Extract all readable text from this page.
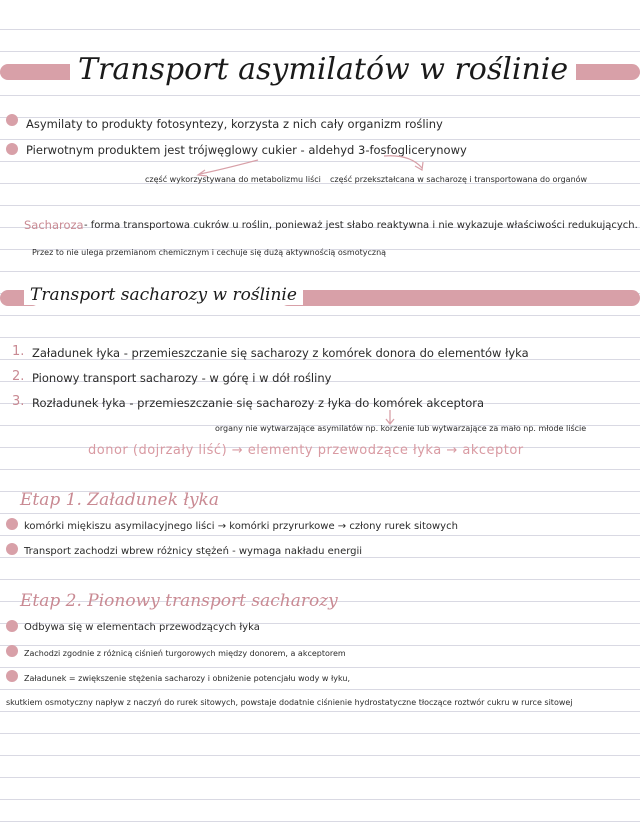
Transport asymilatów w roślinie
Asymilaty to produkty fotosyntezy, korzysta z nich cały organizm rośliny
Pierwotnym produktem jest trójwęglowy cukier - aldehyd 3-fosfoglicerynowy
część wykorzystywana do metabolizmu liści część przekształcana w sacharozę i transportowana do organów
Sacharoza - forma transportowa cukrów u roślin, ponieważ jest słabo reaktywna i nie wykazuje właściwości redukujących.
Przez to nie ulega przemianom chemicznym i cechuje się dużą aktywnością osmotyczną
Transport sacharozy w roślinie
1. Załadunek łyka - przemieszczanie się sacharozy z komórek donora do elementów łyka
2. Pionowy transport sacharozy - w górę i w dół rośliny
3. Rozładunek łyka - przemieszczanie się sacharozy z łyka do komórek akceptora
organy nie wytwarzające asymilatów np. korzenie lub wytwarzające za mało np. młode liście
donor (dojrzały liść) → elementy przewodzące łyka → akceptor
Etap 1. Załadunek łyka
komórki miękiszu asymilacyjnego liści → komórki przyrurkowe → człony rurek sitowych
Transport zachodzi wbrew różnicy stężeń - wymaga nakładu energii
Etap 2. Pionowy transport sacharozy
Odbywa się w elementach przewodzących łyka
Zachodzi zgodnie z różnicą ciśnień turgorowych między donorem, a akceptorem
Załadunek = zwiększenie stężenia sacharozy i obniżenie potencjału wody w łyku,
skutkiem osmotyczny napływ z naczyń do rurek sitowych, powstaje dodatnie ciśnienie hydrostatyczne tłoczące roztwór cukru w rurce sitowej
